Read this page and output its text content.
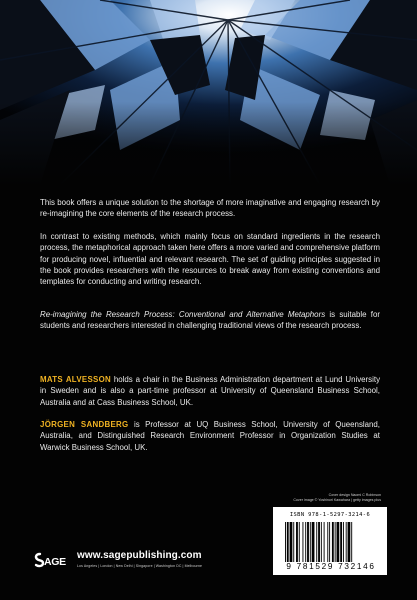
This book offers a unique solution to the shortage of more imaginative and engaging research by re-imagining the core elements of the research process.

In contrast to existing methods, which mainly focus on standard ingredients in the research process, the metaphorical approach taken here offers a more varied and comprehensive platform for producing novel, influential and relevant research. The set of guiding principles suggested in the book provides researchers with the resources to break away from existing conventions and templates for conducting and writing research.

Re-imagining the Research Process: Conventional and Alternative Metaphors is suitable for students and researchers interested in challenging traditional views of the research process.

MATS ALVESSON holds a chair in the Business Administration department at Lund University in Sweden and is also a part-time professor at University of Queensland Business School, Australia and at Cass Business School, UK.

JÖRGEN SANDBERG is Professor at UQ Business School, University of Queensland, Australia, and Distinguished Research Environment Professor in Organization Studies at Warwick Business School, UK.

Cover design Naomi C Robinson
Cover image © Yoshinori Kawahara | getty images plus
ISBN 978-1-5297-3214-6
9 781529 732146
AGE
www.sagepublishing.com
Los Angeles | London | New Delhi | Singapore | Washington DC | Melbourne
